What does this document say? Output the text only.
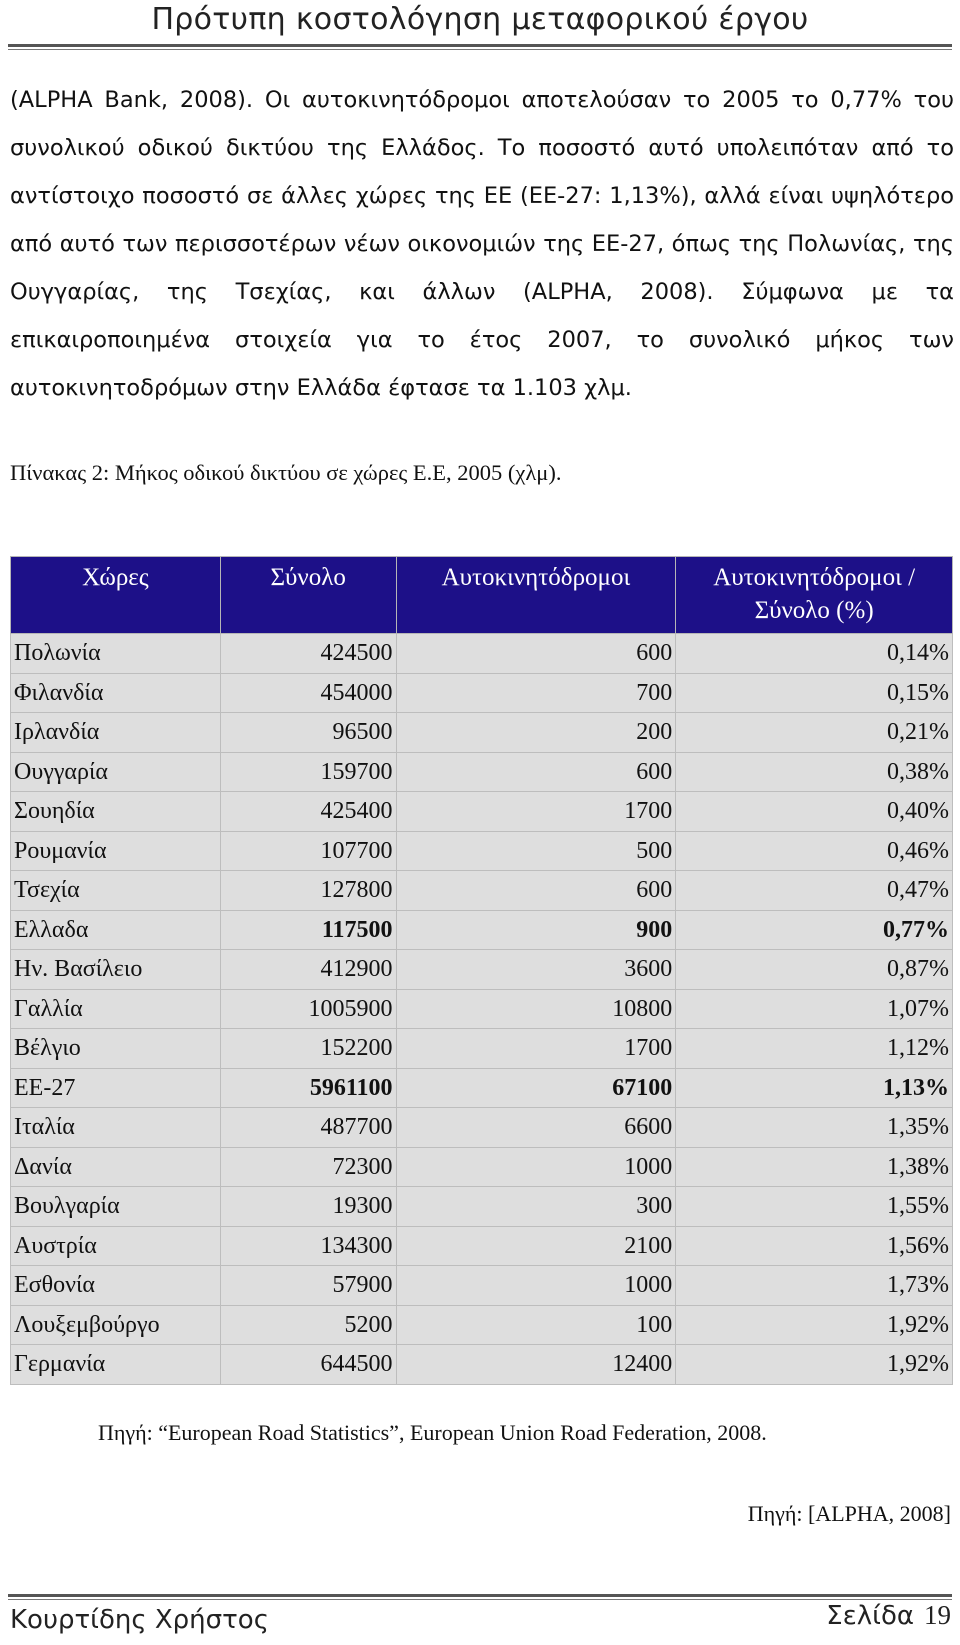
Πρότυπη κοστολόγηση μεταφορικού έργου
(ALPHA Bank, 2008). Οι αυτοκινητόδρομοι αποτελούσαν το 2005 το 0,77% του
συνολικού οδικού δικτύου της Ελλάδος. Το ποσοστό αυτό υπολειπόταν από το
αντίστοιχο ποσοστό σε άλλες χώρες της ΕΕ (ΕΕ-27: 1,13%), αλλά είναι υψηλότερο
από αυτό των περισσοτέρων νέων οικονομιών της ΕΕ-27, όπως της Πολωνίας, της
Ουγγαρίας, της Τσεχίας, και άλλων (ALPHA, 2008). Σύμφωνα με τα
επικαιροποιημένα στοιχεία για το έτος 2007, το συνολικό μήκος των
αυτοκινητοδρόμων στην Ελλάδα έφτασε τα 1.103 χλμ.
Πίνακας 2: Μήκος οδικού δικτύου σε χώρες Ε.Ε, 2005 (χλμ).
Χώρες	Σύνολο	Αυτοκινητόδρομοι	Αυτοκινητόδρομοι / Σύνολο (%)
Πολωνία	424500	600	0,14%
Φιλανδία	454000	700	0,15%
Ιρλανδία	96500	200	0,21%
Ουγγαρία	159700	600	0,38%
Σουηδία	425400	1700	0,40%
Ρουμανία	107700	500	0,46%
Τσεχία	127800	600	0,47%
Ελλαδα	117500	900	0,77%
Ην. Βασίλειο	412900	3600	0,87%
Γαλλία	1005900	10800	1,07%
Βέλγιο	152200	1700	1,12%
ΕΕ-27	5961100	67100	1,13%
Ιταλία	487700	6600	1,35%
Δανία	72300	1000	1,38%
Βουλγαρία	19300	300	1,55%
Αυστρία	134300	2100	1,56%
Εσθονία	57900	1000	1,73%
Λουξεμβούργο	5200	100	1,92%
Γερμανία	644500	12400	1,92%
Πηγή: “European Road Statistics”, European Union Road Federation, 2008.
Πηγή: [ALPHA, 2008]
Κουρτίδης Χρήστος	Σελίδα 19
